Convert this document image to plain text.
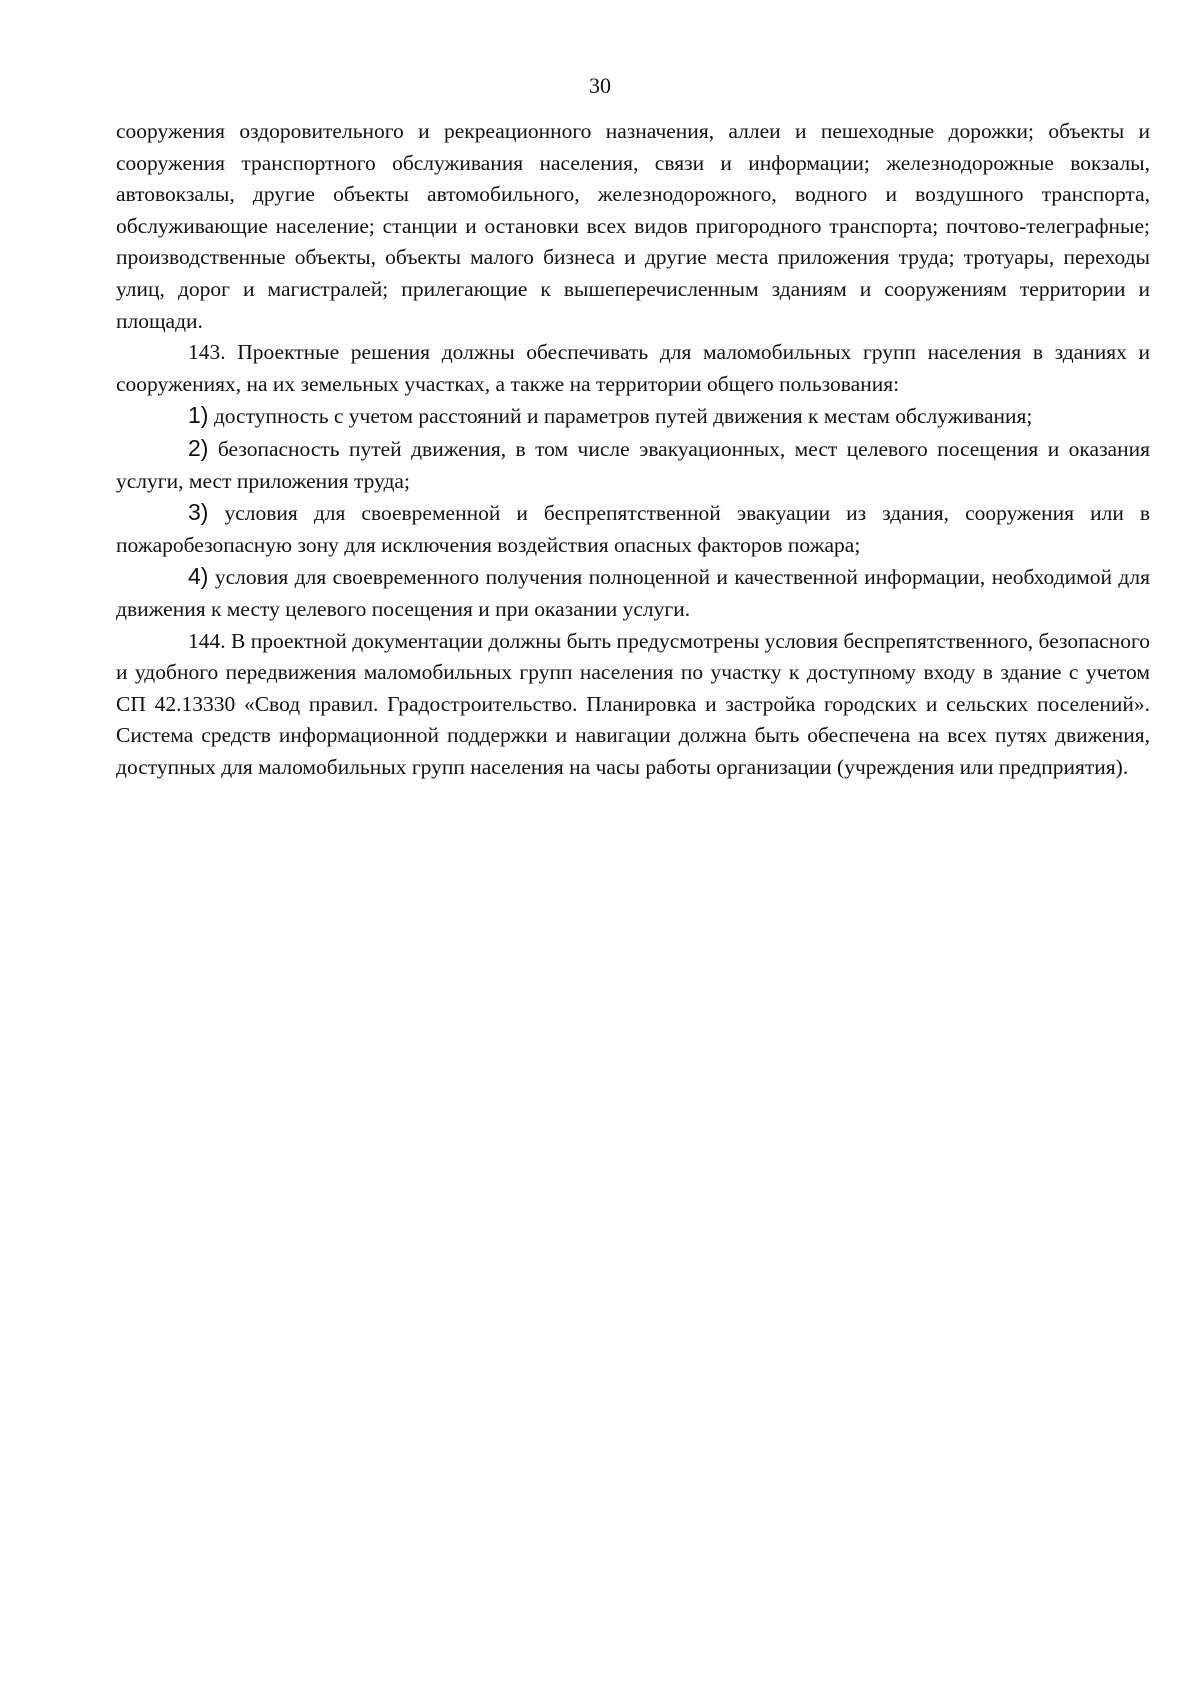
30

сооружения оздоровительного и рекреационного назначения, аллеи и пешеходные дорожки; объекты и сооружения транспортного обслуживания населения, связи и информации; железнодорожные вокзалы, автовокзалы, другие объекты автомобильного, железнодорожного, водного и воздушного транспорта, обслуживающие население; станции и остановки всех видов пригородного транспорта; почтово-телеграфные; производственные объекты, объекты малого бизнеса и другие места приложения труда; тротуары, переходы улиц, дорог и магистралей; прилегающие к вышеперечисленным зданиям и сооружениям территории и площади.

143. Проектные решения должны обеспечивать для маломобильных групп населения в зданиях и сооружениях, на их земельных участках, а также на территории общего пользования:

1) доступность с учетом расстояний и параметров путей движения к местам обслуживания;

2) безопасность путей движения, в том числе эвакуационных, мест целевого посещения и оказания услуги, мест приложения труда;

3) условия для своевременной и беспрепятственной эвакуации из здания, сооружения или в пожаробезопасную зону для исключения воздействия опасных факторов пожара;

4) условия для своевременного получения полноценной и качественной информации, необходимой для движения к месту целевого посещения и при оказании услуги.

144. В проектной документации должны быть предусмотрены условия беспрепятственного, безопасного и удобного передвижения маломобильных групп населения по участку к доступному входу в здание с учетом СП 42.13330 «Свод правил. Градостроительство. Планировка и застройка городских и сельских поселений». Система средств информационной поддержки и навигации должна быть обеспечена на всех путях движения, доступных для маломобильных групп населения на часы работы организации (учреждения или предприятия).
